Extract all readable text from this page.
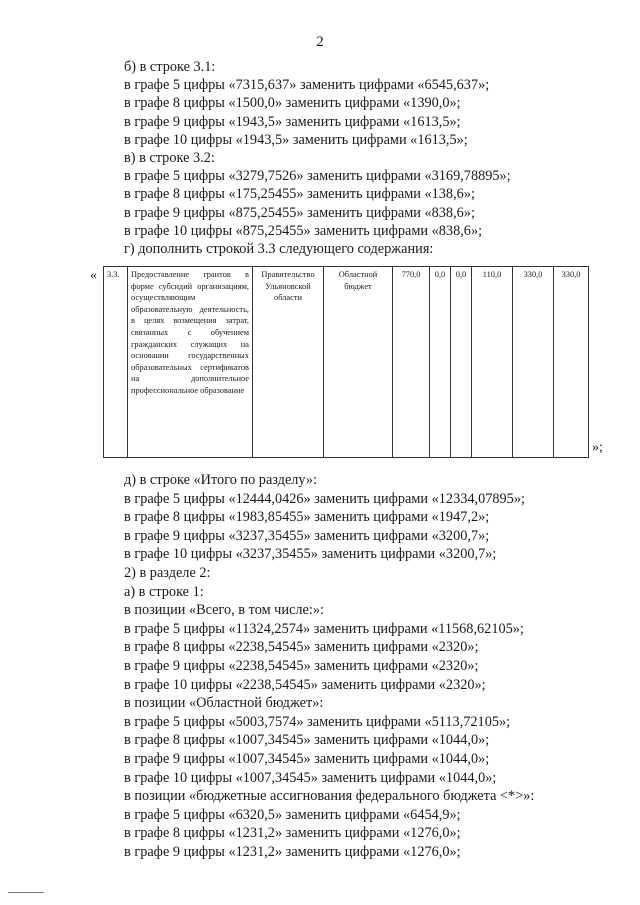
2
б) в строке 3.1:
в графе 5 цифры «7315,637» заменить цифрами «6545,637»;
в графе 8 цифры «1500,0» заменить цифрами «1390,0»;
в графе 9 цифры «1943,5» заменить цифрами «1613,5»;
в графе 10 цифры «1943,5» заменить цифрами «1613,5»;
в) в строке 3.2:
в графе 5 цифры «3279,7526» заменить цифрами «3169,78895»;
в графе 8 цифры «175,25455» заменить цифрами «138,6»;
в графе 9 цифры «875,25455» заменить цифрами «838,6»;
в графе 10 цифры «875,25455» заменить цифрами «838,6»;
г) дополнить строкой 3.3 следующего содержания:
« 3.3.	Предоставление грантов в форме субсидий организациям, осуществляющим образовательную деятельность, в целях возмещения затрат, связанных с обучением гражданских служащих на основании государственных образовательных сертификатов на дополнительное профессиональное образование	Правительство Ульяновской области	Областной бюджет	770,0	0,0	0,0	110,0	330,0	330,0
»;
д) в строке «Итого по разделу»:
в графе 5 цифры «12444,0426» заменить цифрами «12334,07895»;
в графе 8 цифры «1983,85455» заменить цифрами «1947,2»;
в графе 9 цифры «3237,35455» заменить цифрами «3200,7»;
в графе 10 цифры «3237,35455» заменить цифрами «3200,7»;
2) в разделе 2:
а) в строке 1:
в позиции «Всего, в том числе:»:
в графе 5 цифры «11324,2574» заменить цифрами «11568,62105»;
в графе 8 цифры «2238,54545» заменить цифрами «2320»;
в графе 9 цифры «2238,54545» заменить цифрами «2320»;
в графе 10 цифры «2238,54545» заменить цифрами «2320»;
в позиции «Областной бюджет»:
в графе 5 цифры «5003,7574» заменить цифрами «5113,72105»;
в графе 8 цифры «1007,34545» заменить цифрами «1044,0»;
в графе 9 цифры «1007,34545» заменить цифрами «1044,0»;
в графе 10 цифры «1007,34545» заменить цифрами «1044,0»;
в позиции «бюджетные ассигнования федерального бюджета <*>»:
в графе 5 цифры «6320,5» заменить цифрами «6454,9»;
в графе 8 цифры «1231,2» заменить цифрами «1276,0»;
в графе 9 цифры «1231,2» заменить цифрами «1276,0»;
